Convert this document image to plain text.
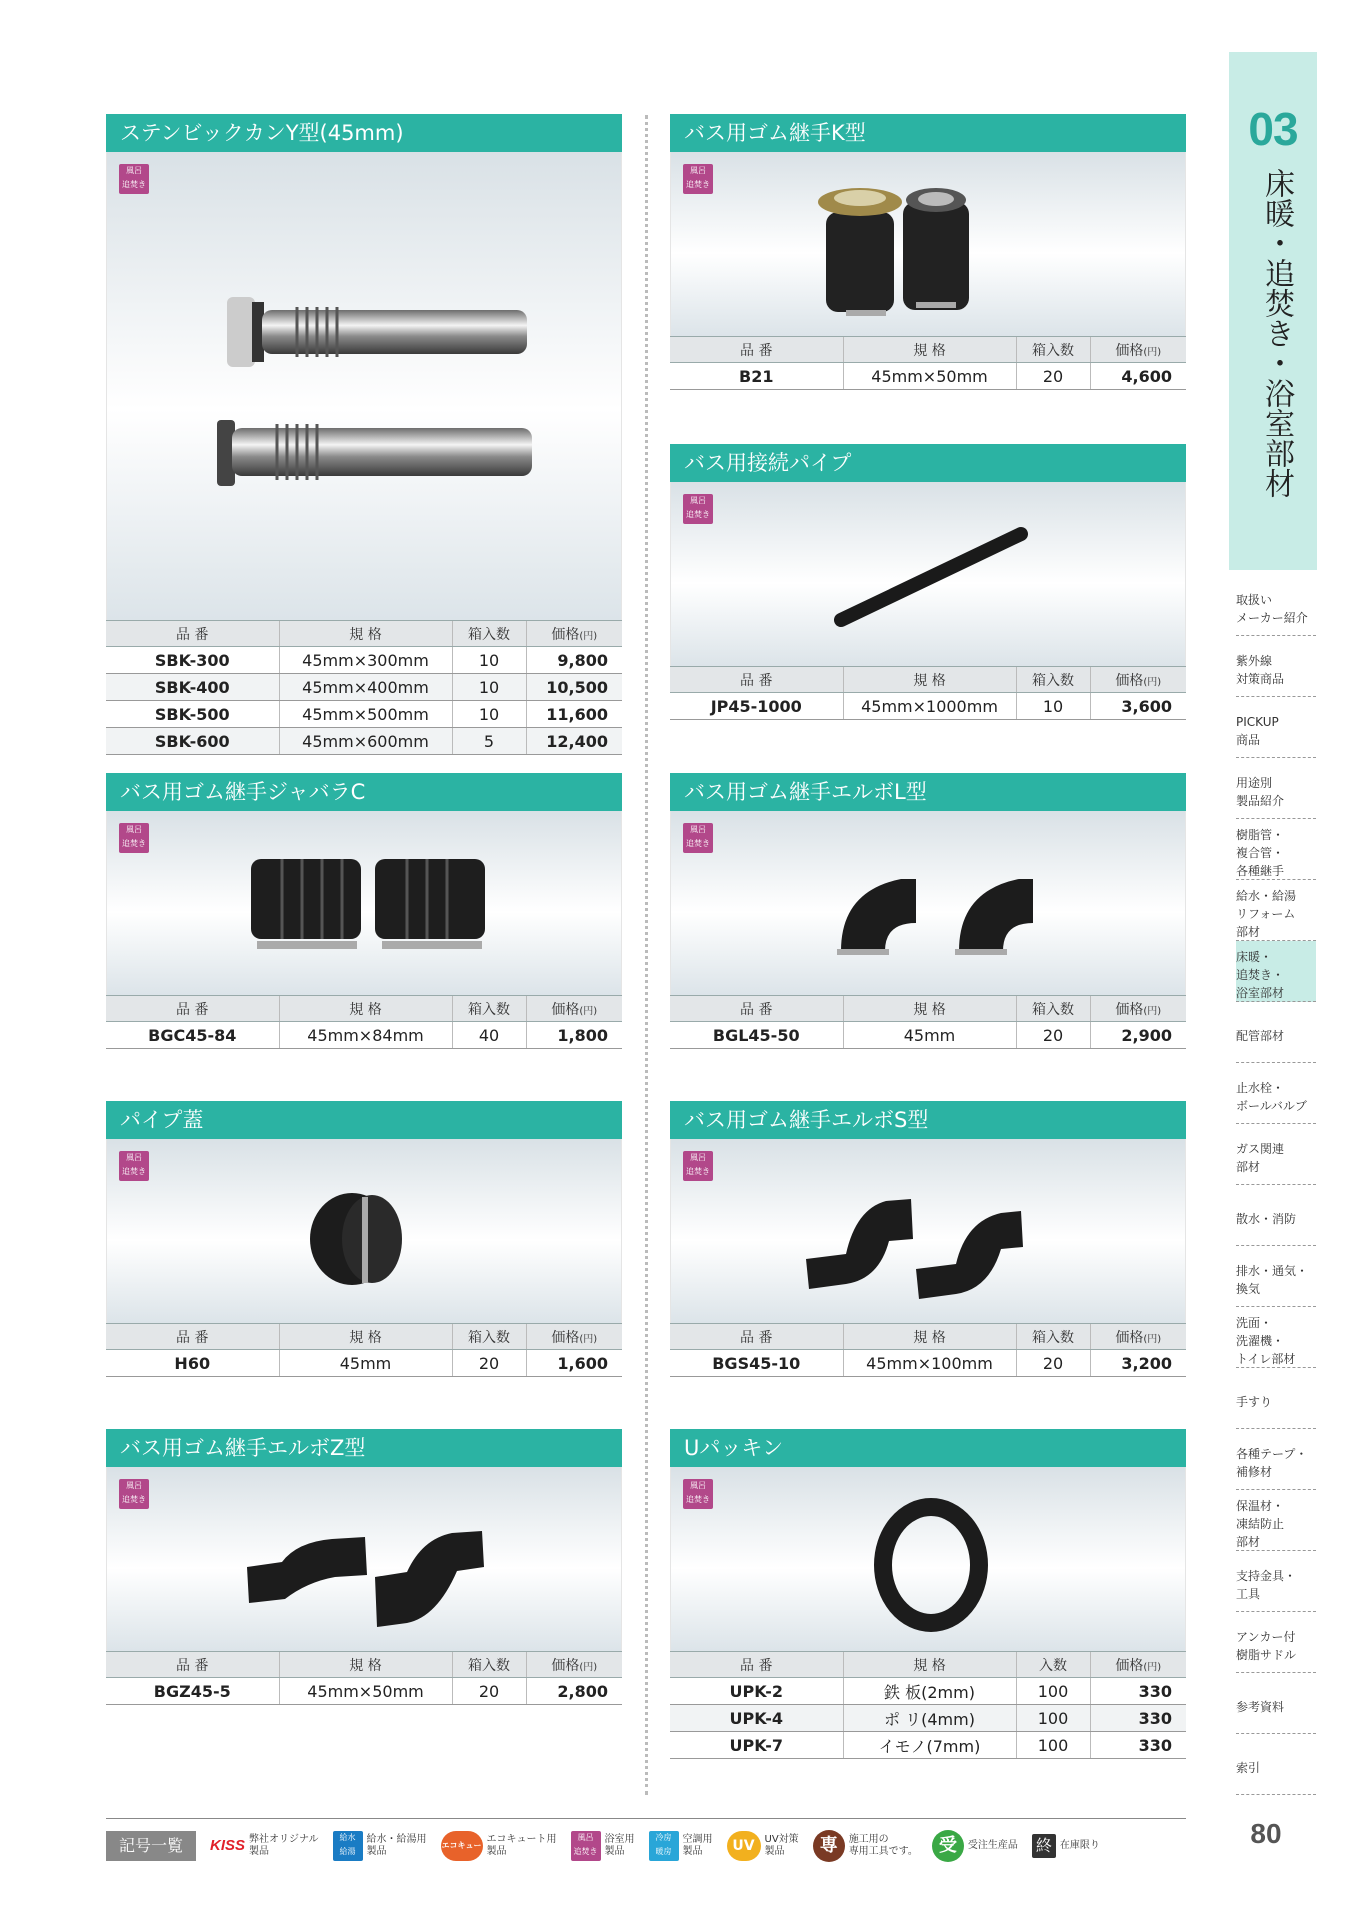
ステンビックカンY型(45mm)
風呂
追焚き
品 番	規 格	箱入数	価格(円)
SBK-300	45mm×300mm	10	9,800
SBK-400	45mm×400mm	10	10,500
SBK-500	45mm×500mm	10	11,600
SBK-600	45mm×600mm	5	12,400
バス用ゴム継手K型
風呂
追焚き
品 番	規 格	箱入数	価格(円)
B21	45mm×50mm	20	4,600
バス用接続パイプ
風呂
追焚き
品 番	規 格	箱入数	価格(円)
JP45-1000	45mm×1000mm	10	3,600
バス用ゴム継手ジャバラC
風呂
追焚き
品 番	規 格	箱入数	価格(円)
BGC45-84	45mm×84mm	40	1,800
バス用ゴム継手エルボL型
風呂
追焚き
品 番	規 格	箱入数	価格(円)
BGL45-50	45mm	20	2,900
パイプ蓋
風呂
追焚き
品 番	規 格	箱入数	価格(円)
H60	45mm	20	1,600
バス用ゴム継手エルボS型
風呂
追焚き
品 番	規 格	箱入数	価格(円)
BGS45-10	45mm×100mm	20	3,200
バス用ゴム継手エルボZ型
風呂
追焚き
品 番	規 格	箱入数	価格(円)
BGZ45-5	45mm×50mm	20	2,800
Uパッキン
風呂
追焚き
品 番	規 格	入数	価格(円)
UPK-2	鉄 板(2mm)	100	330
UPK-4	ポ リ(4mm)	100	330
UPK-7	イモノ(7mm)	100	330
03
床暖・追焚き・浴室部材
取扱い
メーカー紹介
紫外線
対策商品
PICKUP
商品
用途別
製品紹介
樹脂管・
複合管・
各種継手
給水・給湯
リフォーム
部材
床暖・
追焚き・
浴室部材
配管部材
止水栓・
ボールバルブ
ガス関連
部材
散水・消防
排水・通気・
換気
洗面・
洗濯機・
トイレ部材
手すり
各種テープ・
補修材
保温材・
凍結防止
部材
支持金具・
工具
アンカー付
樹脂サドル
参考資料
索引
記号一覧	KISS 弊社オリジナル
製品
給水
給湯
給水・給湯用
製品
エコキュート
エコキュート用
製品
風呂
追焚き
浴室用
製品
冷房
暖房
空調用
製品	UV UV対策
製品	専	施工用の
専用工具です。	受	受注生産品 終 在庫限り	80
